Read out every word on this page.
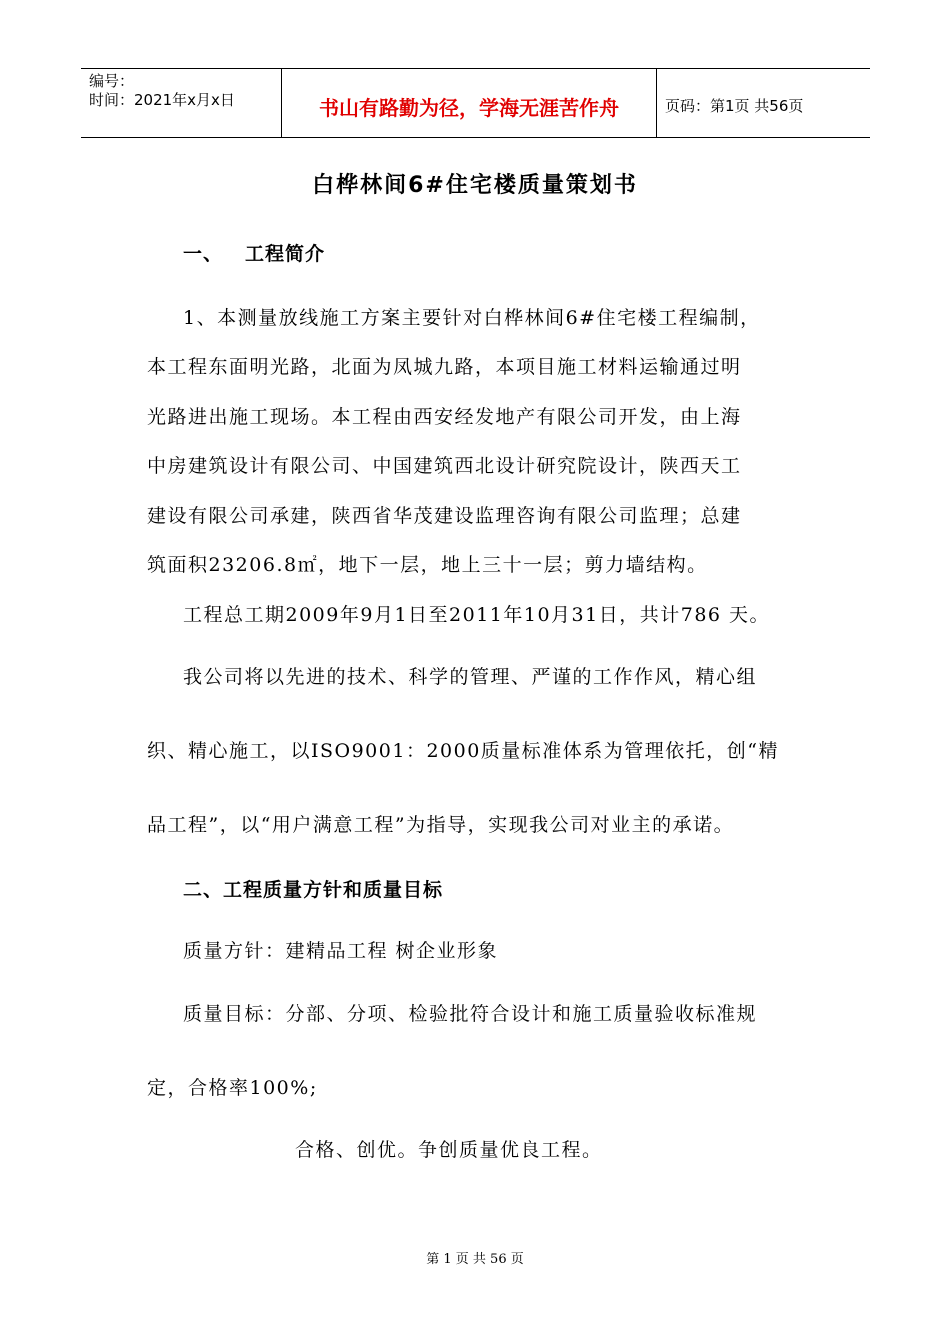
编号：
时间：2021年x月x日	书山有路勤为径，学海无涯苦作舟	页码：第1页 共56页
白桦林间6#住宅楼质量策划书
一、 工程简介
1、本测量放线施工方案主要针对白桦林间6#住宅楼工程编制，
本工程东面明光路，北面为凤城九路，本项目施工材料运输通过明
光路进出施工现场。本工程由西安经发地产有限公司开发，由上海
中房建筑设计有限公司、中国建筑西北设计研究院设计，陕西天工
建设有限公司承建，陕西省华茂建设监理咨询有限公司监理；总建
筑面积23206.8㎡，地下一层，地上三十一层；剪力墙结构。
工程总工期2009年9月1日至2011年10月31日，共计786 天。
我公司将以先进的技术、科学的管理、严谨的工作作风，精心组
织、精心施工，以ISO9001：2000质量标准体系为管理依托，创“精
品工程”，以“用户满意工程”为指导，实现我公司对业主的承诺。
二、工程质量方针和质量目标
质量方针：建精品工程 树企业形象
质量目标：分部、分项、检验批符合设计和施工质量验收标准规
定，合格率100%;
合格、创优。争创质量优良工程。
第 1 页 共 56 页
